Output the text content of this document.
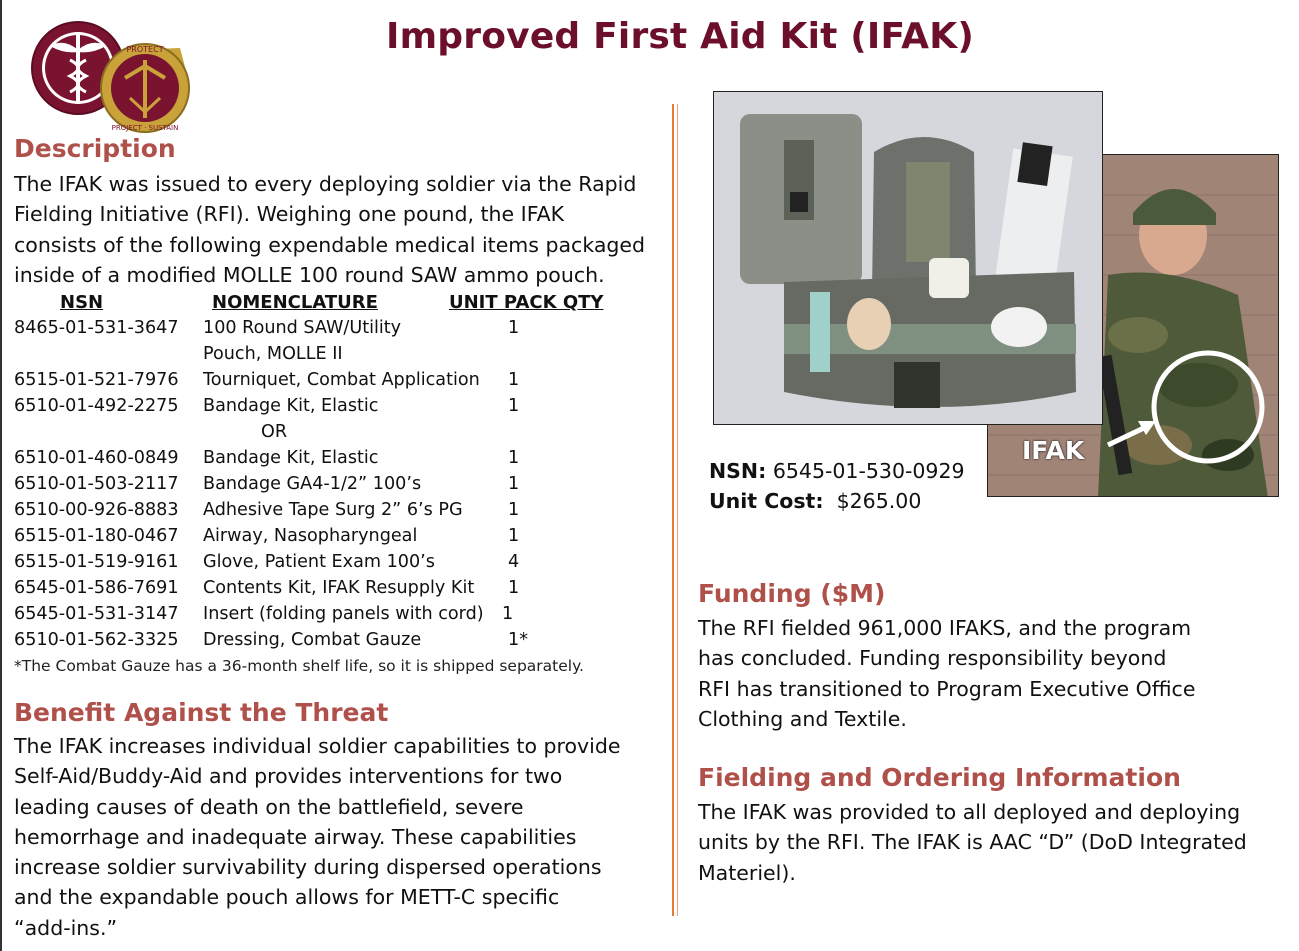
PROTECT
PROJECT · SUSTAIN
Improved First Aid Kit (IFAK)
Description
The IFAK was issued to every deploying soldier via the Rapid
Fielding Initiative (RFI). Weighing one pound, the IFAK
consists of the following expendable medical items packaged
inside of a modified MOLLE 100 round SAW ammo pouch.
NSN	NOMENCLATURE	UNIT PACK QTY
8465-01-531-3647 100 Round SAW/Utility	1
Pouch, MOLLE II
6515-01-521-7976 Tourniquet, Combat Application 1
6510-01-492-2275 Bandage Kit, Elastic	1
OR
6510-01-460-0849 Bandage Kit, Elastic	1
6510-01-503-2117 Bandage GA4-1/2” 100’s	1
6510-00-926-8883 Adhesive Tape Surg 2” 6’s PG	1
6515-01-180-0467 Airway, Nasopharyngeal	1
6515-01-519-9161 Glove, Patient Exam 100’s	4
6545-01-586-7691 Contents Kit, IFAK Resupply Kit 1
6545-01-531-3147 Insert (folding panels with cord) 1
6510-01-562-3325 Dressing, Combat Gauze	1*
*The Combat Gauze has a 36-month shelf life, so it is shipped separately.
Benefit Against the Threat
The IFAK increases individual soldier capabilities to provide
Self-Aid/Buddy-Aid and provides interventions for two
leading causes of death on the battlefield, severe
hemorrhage and inadequate airway. These capabilities
increase soldier survivability during dispersed operations
and the expandable pouch allows for METT-C specific
“add-ins.”
IFAK
NSN: 6545-01-530-0929
Unit Cost: $265.00
Funding ($M)
The RFI fielded 961,000 IFAKS, and the program
has concluded. Funding responsibility beyond
RFI has transitioned to Program Executive Office
Clothing and Textile.
Fielding and Ordering Information
The IFAK was provided to all deployed and deploying
units by the RFI. The IFAK is AAC “D” (DoD Integrated
Materiel).
